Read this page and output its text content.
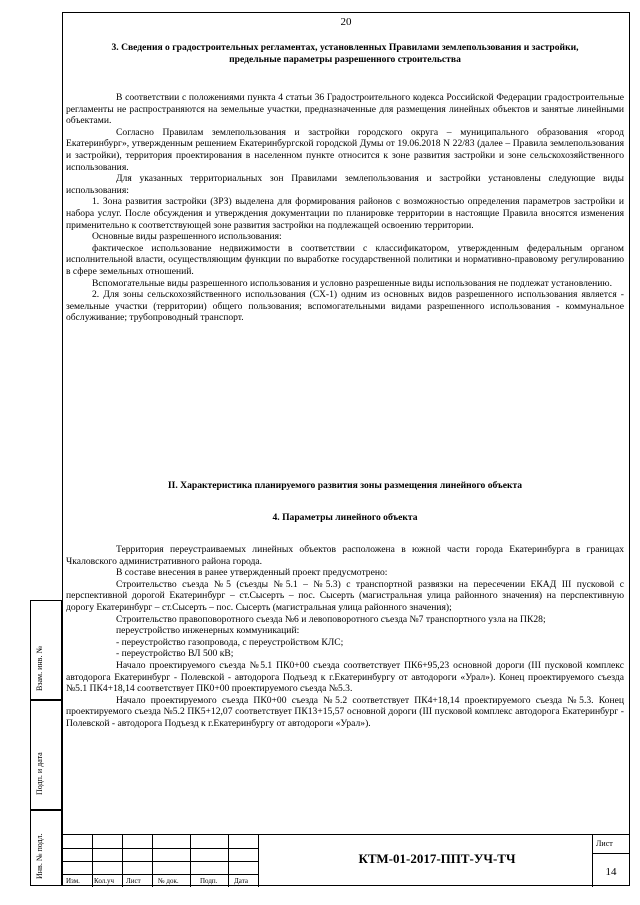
20

3. Сведения о градостроительных регламентах, установленных Правилами землепользования и застройки, предельные параметры разрешенного строительства

В соответствии с положениями пункта 4 статьи 36 Градостроительного кодекса Российской Федерации градостроительные регламенты не распространяются на земельные участки, предназначенные для размещения линейных объектов и занятые линейными объектами.

Согласно Правилам землепользования и застройки городского округа – муниципального образования «город Екатеринбург», утвержденным решением Екатеринбургской городской Думы от 19.06.2018 N 22/83 (далее – Правила землепользования и застройки), территория проектирования в населенном пункте относится к зоне развития застройки и зоне сельскохозяйственного использования.

Для указанных территориальных зон Правилами землепользования и застройки установлены следующие виды использования:

1. Зона развития застройки (ЗРЗ) выделена для формирования районов с возможностью определения параметров застройки и набора услуг. После обсуждения и утверждения документации по планировке территории в настоящие Правила вносятся изменения применительно к соответствующей зоне развития застройки на подлежащей освоению территории.

Основные виды разрешенного использования:

фактическое использование недвижимости в соответствии с классификатором, утвержденным федеральным органом исполнительной власти, осуществляющим функции по выработке государственной политики и нормативно-правовому регулированию в сфере земельных отношений.

Вспомогательные виды разрешенного использования и условно разрешенные виды использования не подлежат установлению.

2. Для зоны сельскохозяйственного использования (СХ-1) одним из основных видов разрешенного использования является - земельные участки (территории) общего пользования; вспомогательными видами разрешенного использования - коммунальное обслуживание; трубопроводный транспорт.

II. Характеристика планируемого развития зоны размещения линейного объекта

4. Параметры линейного объекта

Территория переустраиваемых линейных объектов расположена в южной части города Екатеринбурга в границах Чкаловского административного района города.

В составе внесения в ранее утвержденный проект предусмотрено:

Строительство съезда №5 (съезды №5.1 – №5.3) с транспортной развязки на пересечении ЕКАД III пусковой с перспективной дорогой Екатеринбург – ст.Сысерть – пос. Сысерть (магистральная улица районного значения) на перспективную дорогу Екатеринбург – ст.Сысерть – пос. Сысерть (магистральная улица районного значения);

Строительство правоповоротного съезда №6 и левоповоротного съезда №7 транспортного узла на ПК28;

переустройство инженерных коммуникаций:

- переустройство газопровода, с переустройством КЛС;

- переустройство ВЛ 500 кВ;

Начало проектируемого съезда №5.1 ПК0+00 съезда соответствует ПК6+95,23 основной дороги (III пусковой комплекс автодорога Екатеринбург - Полевской - автодорога Подъезд к г.Екатеринбургу от автодороги «Урал»). Конец проектируемого съезда №5.1 ПК4+18,14 соответствует ПК0+00 проектируемого съезда №5.3.

Начало проектируемого съезда ПК0+00 съезда №5.2 соответствует ПК4+18,14 проектируемого съезда №5.3. Конец проектируемого съезда №5.2 ПК5+12,07 соответствует ПК13+15,57 основной дороги (III пусковой комплекс автодорога Екатеринбург - Полевской - автодорога Подъезд к г.Екатеринбургу от автодороги «Урал»).

Взам. инв. №
Подп. и дата
Инв. № подл.
Изм. Кол.уч Лист № док.	Подп. Дата
КТМ-01-2017-ППТ-УЧ-ТЧ
Лист
14
